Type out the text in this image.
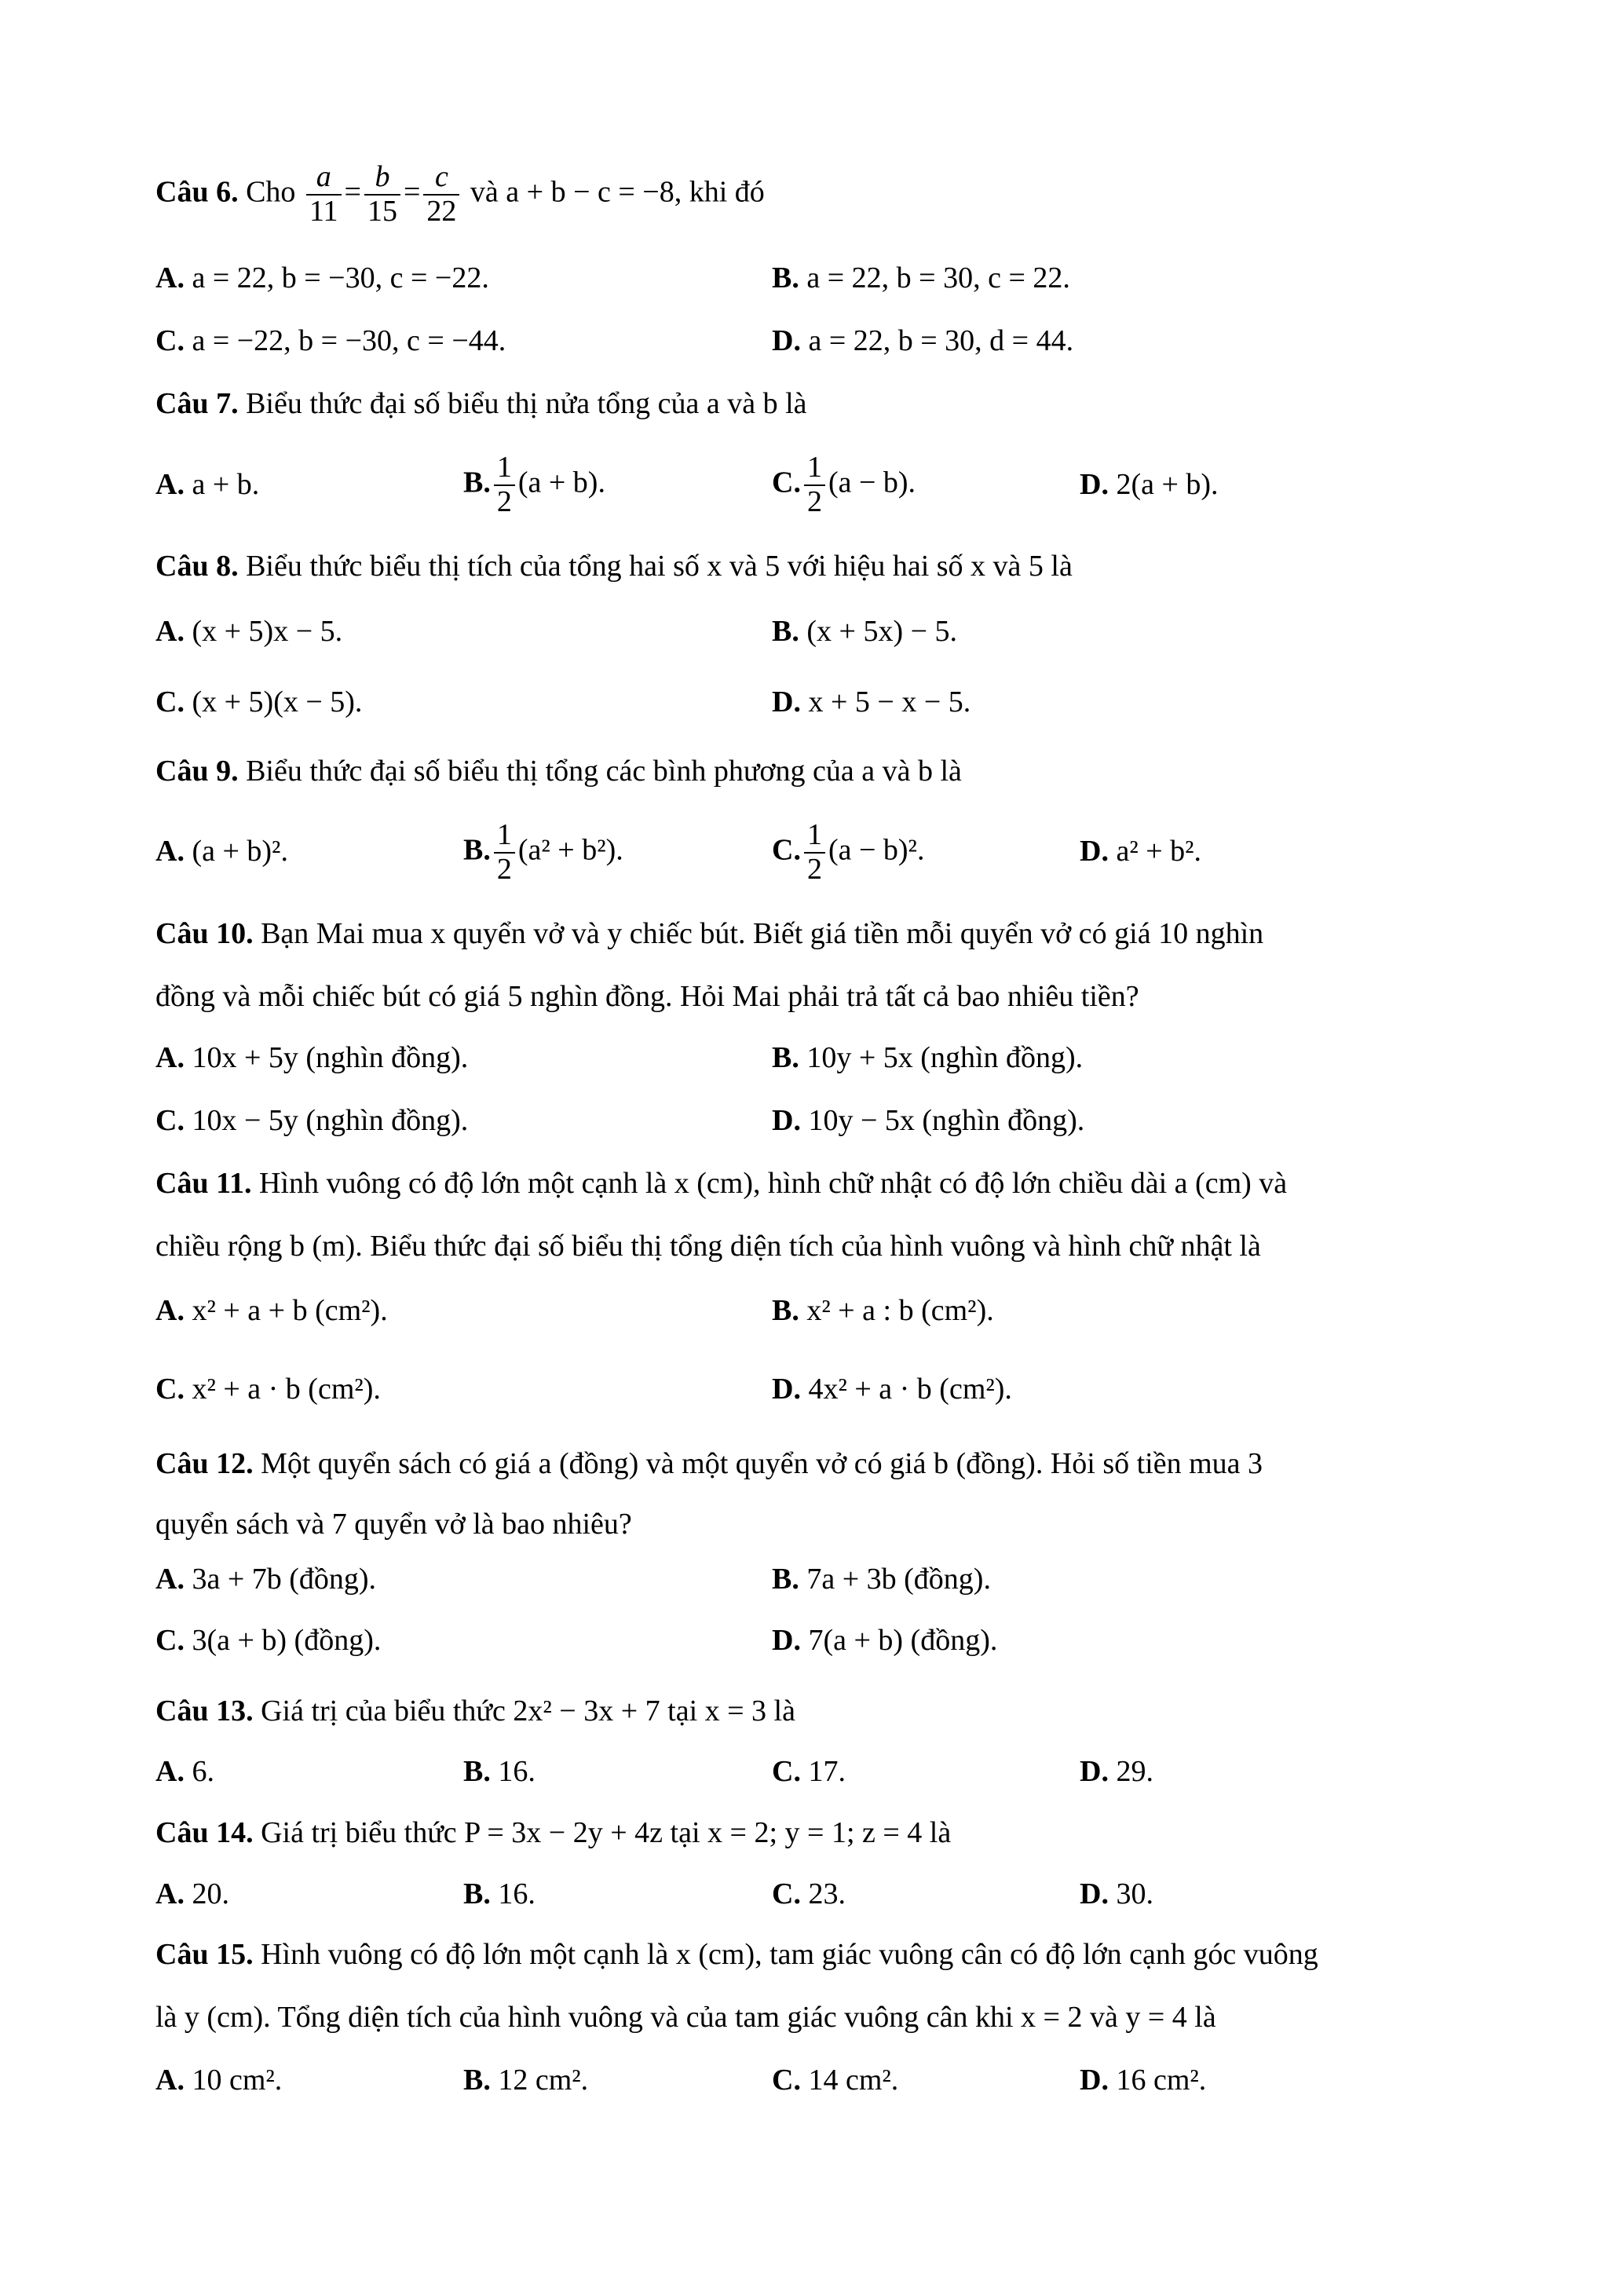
Câu 6. Cho $\frac{a}{11} = \frac{b}{15} = \frac{c}{22}$ và a + b − c = −8, khi đó
A. a = 22, b = −30, c = −22.	B. a = 22, b = 30, c = 22.
C. a = −22, b = −30, c = −44.	D. a = 22, b = 30, d = 44.
Câu 7. Biểu thức đại số biểu thị nửa tổng của a và b là
A. a + b.	B. $\frac{1}{2} (a + b)$.	C. $\frac{1}{2} (a - b)$.	D. 2(a + b).
Câu 8. Biểu thức biểu thị tích của tổng hai số x và 5 với hiệu hai số x và 5 là
A. (x + 5)x − 5.	B. (x + 5x) − 5.
C. (x + 5)(x − 5).	D. x + 5 − x − 5.
Câu 9. Biểu thức đại số biểu thị tổng các bình phương của a và b là
A. (a + b)².	B. $\frac{1}{2} (a^2 + b^2)$.	C. $\frac{1}{2} (a - b)^2$.	D. a² + b².
Câu 10. Bạn Mai mua x quyển vở và y chiếc bút. Biết giá tiền mỗi quyển vở có giá 10 nghìn
đồng và mỗi chiếc bút có giá 5 nghìn đồng. Hỏi Mai phải trả tất cả bao nhiêu tiền?
A. 10x + 5y (nghìn đồng).	B. 10y + 5x (nghìn đồng).
C. 10x − 5y (nghìn đồng).	D. 10y − 5x (nghìn đồng).
Câu 11. Hình vuông có độ lớn một cạnh là x (cm), hình chữ nhật có độ lớn chiều dài a (cm) và
chiều rộng b (m). Biểu thức đại số biểu thị tổng diện tích của hình vuông và hình chữ nhật là
A. x² + a + b (cm²).	B. x² + a : b (cm²).
C. x² + a · b (cm²).	D. 4x² + a · b (cm²).
Câu 12. Một quyển sách có giá a (đồng) và một quyển vở có giá b (đồng). Hỏi số tiền mua 3
quyển sách và 7 quyển vở là bao nhiêu?
A. 3a + 7b (đồng).	B. 7a + 3b (đồng).
C. 3(a + b) (đồng).	D. 7(a + b) (đồng).
Câu 13. Giá trị của biểu thức 2x² − 3x + 7 tại x = 3 là
A. 6.	B. 16.	C. 17.	D. 29.
Câu 14. Giá trị biểu thức P = 3x − 2y + 4z tại x = 2; y = 1; z = 4 là
A. 20.	B. 16.	C. 23.	D. 30.
Câu 15. Hình vuông có độ lớn một cạnh là x (cm), tam giác vuông cân có độ lớn cạnh góc vuông
là y (cm). Tổng diện tích của hình vuông và của tam giác vuông cân khi x = 2 và y = 4 là
A. 10 cm².	B. 12 cm².	C. 14 cm².	D. 16 cm².
